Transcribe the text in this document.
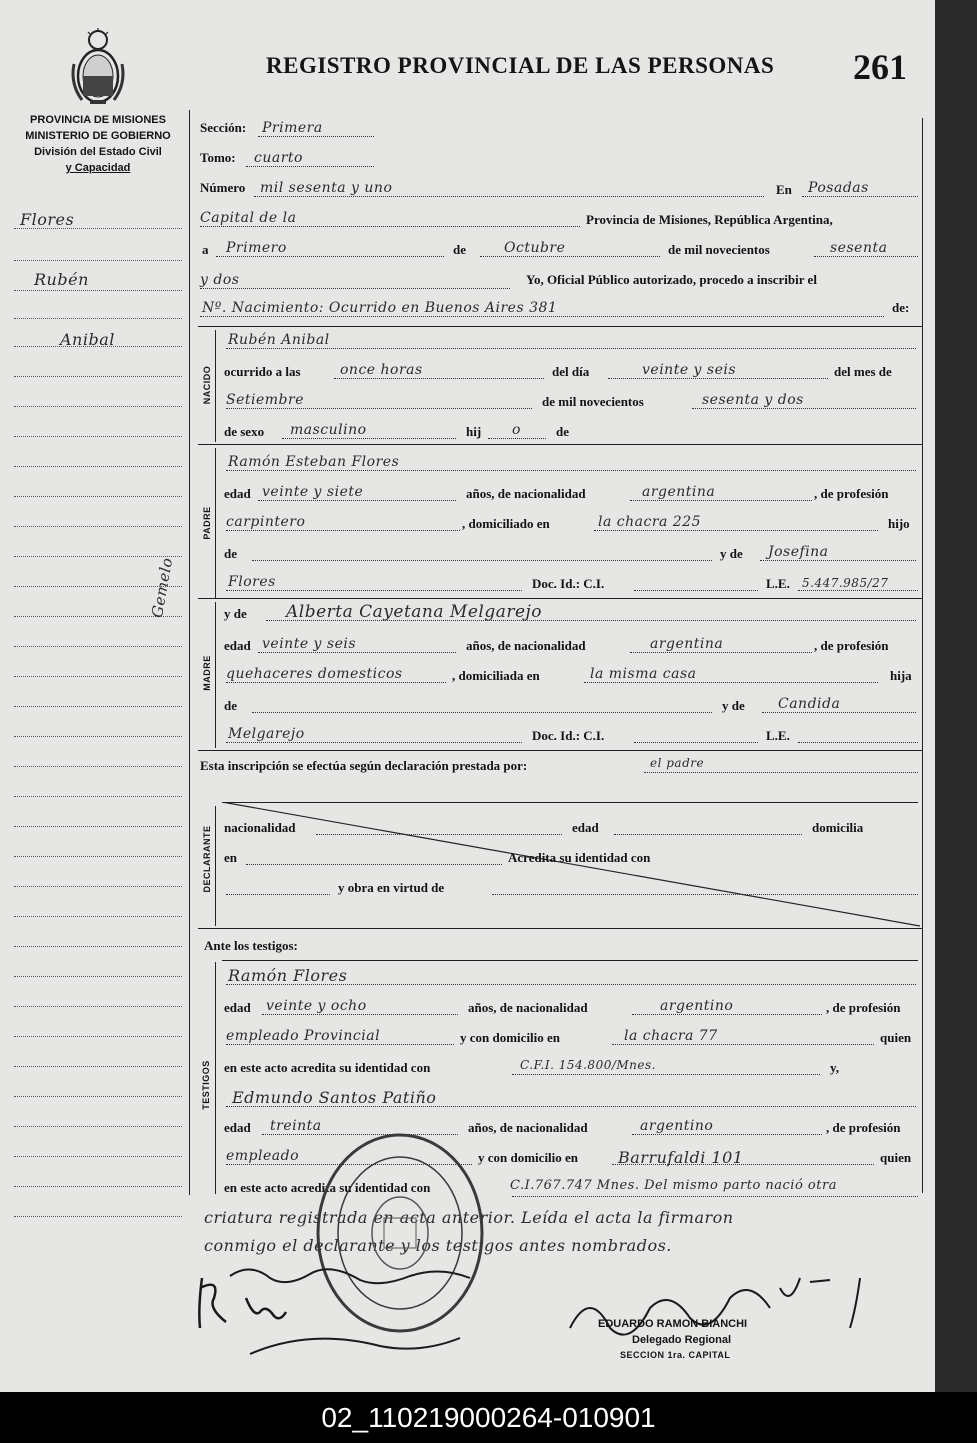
REGISTRO PROVINCIAL DE LAS PERSONAS 261
PROVINCIA DE MISIONES
MINISTERIO DE GOBIERNO
División del Estado Civil
y Capacidad
Flores
Rubén
Anibal
Gemelo
Sección: Primera
Tomo: cuarto
Número mil sesenta y uno	En Posadas
Capital de la	Provincia de Misiones, República Argentina,
a Primero	de	Octubre	de mil novecientos	sesenta
y dos	Yo, Oficial Público autorizado, procedo a inscribir el
Nº. Nacimiento: Ocurrido en Buenos Aires 381	de:
NACIDO
Rubén Anibal
ocurrido a las	once horas	del día	veinte y seis	del mes de
Setiembre	de mil novecientos	sesenta y dos
de sexo masculino	hij o	de
PADRE
Ramón Esteban Flores
edad veinte y siete	años, de nacionalidad	argentina	, de profesión
carpintero	, domiciliado en	la chacra 225	hijo
de	y de Josefina
Flores	Doc. Id.: C.I.	L.E. 5.447.985/27
MADRE
y de Alberta Cayetana Melgarejo
edad veinte y seis	años, de nacionalidad	argentina	, de profesión
quehaceres domesticos	, domiciliada en	la misma casa	hija
de	y de Candida
Melgarejo	Doc. Id.: C.I.	L.E.
Esta inscripción se efectúa según declaración prestada por:	el padre
DECLARANTE nacionalidad	edad	domicilia
en	Acredita su identidad con
y obra en virtud de
Ante los testigos:
TESTIGOS
Ramón Flores
edad veinte y ocho	años, de nacionalidad	argentino	, de profesión
empleado Provincial	y con domicilio en	la chacra 77	quien
en este acto acredita su identidad con	C.F.I. 154.800/Mnes.	y,
Edmundo Santos Patiño
edad treinta	años, de nacionalidad	argentino	, de profesión
empleado	y con domicilio en Barrufaldi 101	quien
en este acto acredita su identidad con	C.I.767.747 Mnes. Del mismo parto nació otra
criatura registrada en acta anterior. Leída el acta la firmaron
conmigo el declarante y los testigos antes nombrados.
EDUARDO RAMON BIANCHI
Delegado Regional
SECCION 1ra. CAPITAL
02_110219000264-010901
